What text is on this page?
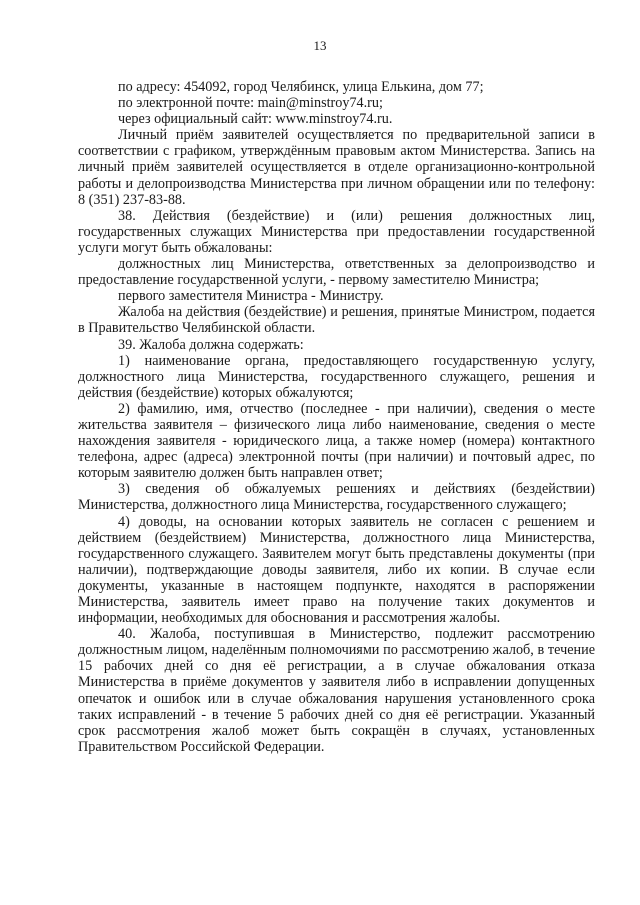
13

по адресу: 454092, город Челябинск, улица Елькина, дом 77;

по электронной почте: main@minstroy74.ru;

через официальный сайт: www.minstroy74.ru.

Личный приём заявителей осуществляется по предварительной записи в соответствии с графиком, утверждённым правовым актом Министерства. Запись на личный приём заявителей осуществляется в отделе организационно-контрольной работы и делопроизводства Министерства при личном обращении или по телефону: 8 (351) 237-83-88.

38. Действия (бездействие) и (или) решения должностных лиц, государственных служащих Министерства при предоставлении государственной услуги могут быть обжалованы:

должностных лиц Министерства, ответственных за делопроизводство и предоставление государственной услуги, - первому заместителю Министра;

первого заместителя Министра - Министру.

Жалоба на действия (бездействие) и решения, принятые Министром, подается в Правительство Челябинской области.

39. Жалоба должна содержать:

1) наименование органа, предоставляющего государственную услугу, должностного лица Министерства, государственного служащего, решения и действия (бездействие) которых обжалуются;

2) фамилию, имя, отчество (последнее - при наличии), сведения о месте жительства заявителя – физического лица либо наименование, сведения о месте нахождения заявителя - юридического лица, а также номер (номера) контактного телефона, адрес (адреса) электронной почты (при наличии) и почтовый адрес, по которым заявителю должен быть направлен ответ;

3) сведения об обжалуемых решениях и действиях (бездействии) Министерства, должностного лица Министерства, государственного служащего;

4) доводы, на основании которых заявитель не согласен с решением и действием (бездействием) Министерства, должностного лица Министерства, государственного служащего. Заявителем могут быть представлены документы (при наличии), подтверждающие доводы заявителя, либо их копии. В случае если документы, указанные в настоящем подпункте, находятся в распоряжении Министерства, заявитель имеет право на получение таких документов и информации, необходимых для обоснования и рассмотрения жалобы.

40. Жалоба, поступившая в Министерство, подлежит рассмотрению должностным лицом, наделённым полномочиями по рассмотрению жалоб, в течение 15 рабочих дней со дня её регистрации, а в случае обжалования отказа Министерства в приёме документов у заявителя либо в исправлении допущенных опечаток и ошибок или в случае обжалования нарушения установленного срока таких исправлений - в течение 5 рабочих дней со дня её регистрации. Указанный срок рассмотрения жалоб может быть сокращён в случаях, установленных Правительством Российской Федерации.
